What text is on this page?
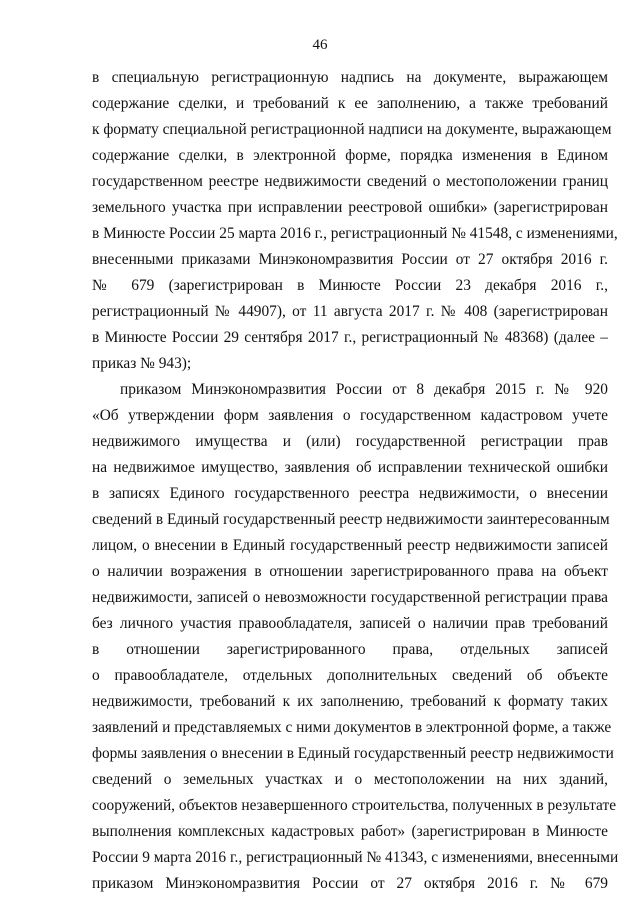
46
в специальную регистрационную надпись на документе, выражающем
содержание сделки, и требований к ее заполнению, а также требований
к формату специальной регистрационной надписи на документе, выражающем
содержание сделки, в электронной форме, порядка изменения в Едином
государственном реестре недвижимости сведений о местоположении границ
земельного участка при исправлении реестровой ошибки» (зарегистрирован
в Минюсте России 25 марта 2016 г., регистрационный № 41548, с изменениями,
внесенными приказами Минэкономразвития России от 27 октября 2016 г.
№ 679 (зарегистрирован в Минюсте России 23 декабря 2016 г.,
регистрационный № 44907), от 11 августа 2017 г. № 408 (зарегистрирован
в Минюсте России 29 сентября 2017 г., регистрационный № 48368) (далее –
приказ № 943);
приказом Минэкономразвития России от 8 декабря 2015 г. № 920
«Об утверждении форм заявления о государственном кадастровом учете
недвижимого имущества и (или) государственной регистрации прав
на недвижимое имущество, заявления об исправлении технической ошибки
в записях Единого государственного реестра недвижимости, о внесении
сведений в Единый государственный реестр недвижимости заинтересованным
лицом, о внесении в Единый государственный реестр недвижимости записей
о наличии возражения в отношении зарегистрированного права на объект
недвижимости, записей о невозможности государственной регистрации права
без личного участия правообладателя, записей о наличии прав требований
в отношении зарегистрированного права, отдельных записей
о правообладателе, отдельных дополнительных сведений об объекте
недвижимости, требований к их заполнению, требований к формату таких
заявлений и представляемых с ними документов в электронной форме, а также
формы заявления о внесении в Единый государственный реестр недвижимости
сведений о земельных участках и о местоположении на них зданий,
сооружений, объектов незавершенного строительства, полученных в результате
выполнения комплексных кадастровых работ» (зарегистрирован в Минюсте
России 9 марта 2016 г., регистрационный № 41343, с изменениями, внесенными
приказом Минэкономразвития России от 27 октября 2016 г. № 679
